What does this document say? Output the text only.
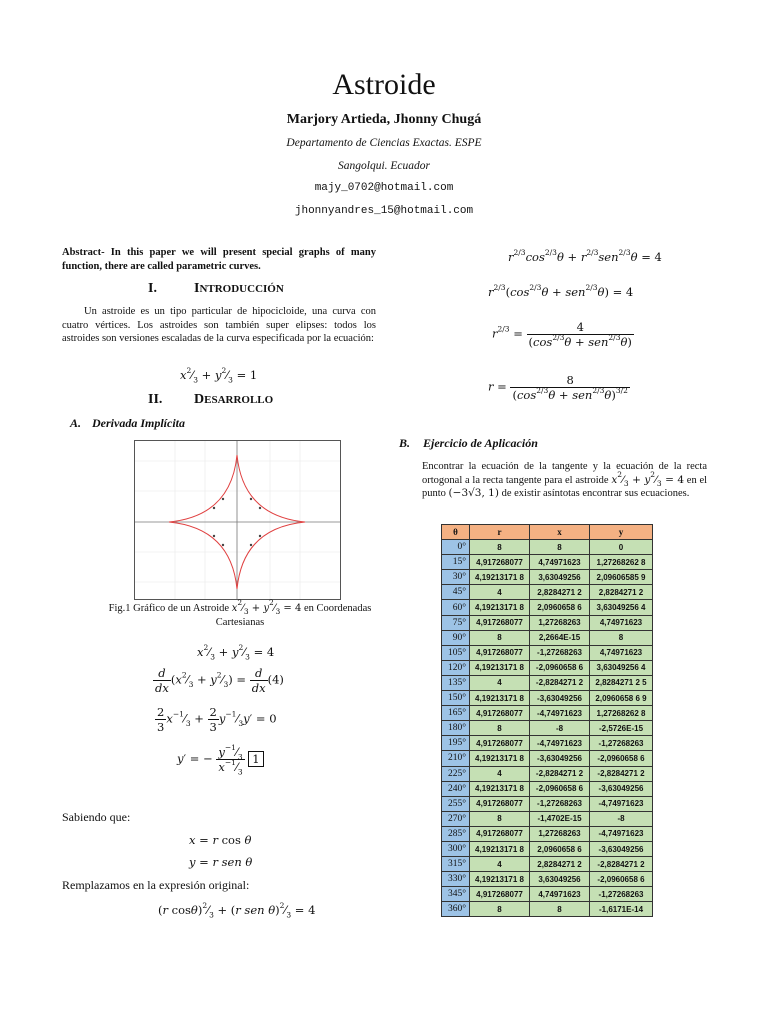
Astroide
Marjory Artieda, Jhonny Chugá
Departamento de Ciencias Exactas. ESPE
Sangolqui. Ecuador
majy_0702@hotmail.com
jhonnyandres_15@hotmail.com
Abstract- In this paper we will present special graphs of many function, there are called parametric curves.
I.	INTRODUCCIÓN
Un astroide es un tipo particular de hipocicloide, una curva con cuatro vértices. Los astroides son también super elipses: todos los astroides son versiones escaladas de la curva especificada por la ecuación:
$x^2⁄_3$ + $y^2⁄_3 = 1$
II. DESARROLLO
A. Derivada Implícita
Fig.1 Gráfico de un Astroide $x^2⁄_3$ + $y^2⁄_3 = 4$ en Coordenadas Cartesianas
$x^2⁄_3$ + $y^2⁄_3 = 4$
$\frac{d}{dx}$ ($x^2⁄_3$ + $y^2⁄_3) = \frac{d}{dx} (4)$
$\frac{2}{3}$ $x^{-1}⁄_3 + \frac{2}{3}$ $y^{-1}⁄_3y' = 0$
y′ = − $\frac{y^{-1}⁄_3}{x^{-1}⁄_3} 1$
Sabiendo que:
x = r cos θ
y = r sen θ
Remplazamos en la expresión original:
(r $\cos\theta)^2⁄_3 + (r$ sen $\theta)^2⁄_3 = 4$
$r^{2/3}\cos^{2/3}\theta + r^{2/3}sen^{2/3}\theta = 4$
$r^{2/3}(\cos^{2/3}\theta + sen^{2/3}\theta) = 4$
$r^{2/3} = \frac{4}{(\cos^{2/3}\theta + sen^{2/3}\theta)}$
$r = \frac{8}{(\cos^{2/3}\theta + sen^{2/3}\theta)^{3/2}}$
B. Ejercicio de Aplicación
Encontrar la ecuación de la tangente y la ecuación de la recta ortogonal a la recta tangente para el astroide $x^2⁄_3$ + $y^2⁄_3 = 4$ en el punto (−3√3, 1) de existir asíntotas encontrar sus ecuaciones.
θ	r	x	y
0°	8	8	0
15°	4,917268077	4,74971623	1,27268262 8
30°	4,19213171 8	3,63049256	2,09606585 9
45°	4	2,8284271 2	2,8284271 2
60°	4,19213171 8	2,0960658 6	3,63049256 4
75°	4,917268077	1,27268263	4,74971623
90°	8	2,2664E-15	8
105°	4,917268077	-1,27268263	4,74971623
120°	4,19213171 8	-2,0960658 6	3,63049256 4
135°	4	-2,8284271 2	2,8284271 2 5
150°	4,19213171 8	-3,63049256	2,0960658 6 9
165°	4,917268077	-4,74971623	1,27268262 8
180°	8	-8	-2,5726E-15
195°	4,917268077	-4,74971623	-1,27268263
210°	4,19213171 8	-3,63049256	-2,0960658 6
225°	4	-2,8284271 2	-2,8284271 2
240°	4,19213171 8	-2,0960658 6	-3,63049256
255°	4,917268077	-1,27268263	-4,74971623
270°	8	-1,4702E-15	-8
285°	4,917268077	1,27268263	-4,74971623
300°	4,19213171 8	2,0960658 6	-3,63049256
315°	4	2,8284271 2	-2,8284271 2
330°	4,19213171 8	3,63049256	-2,0960658 6
345°	4,917268077	4,74971623	-1,27268263
360°	8	8	-1,6171E-14
